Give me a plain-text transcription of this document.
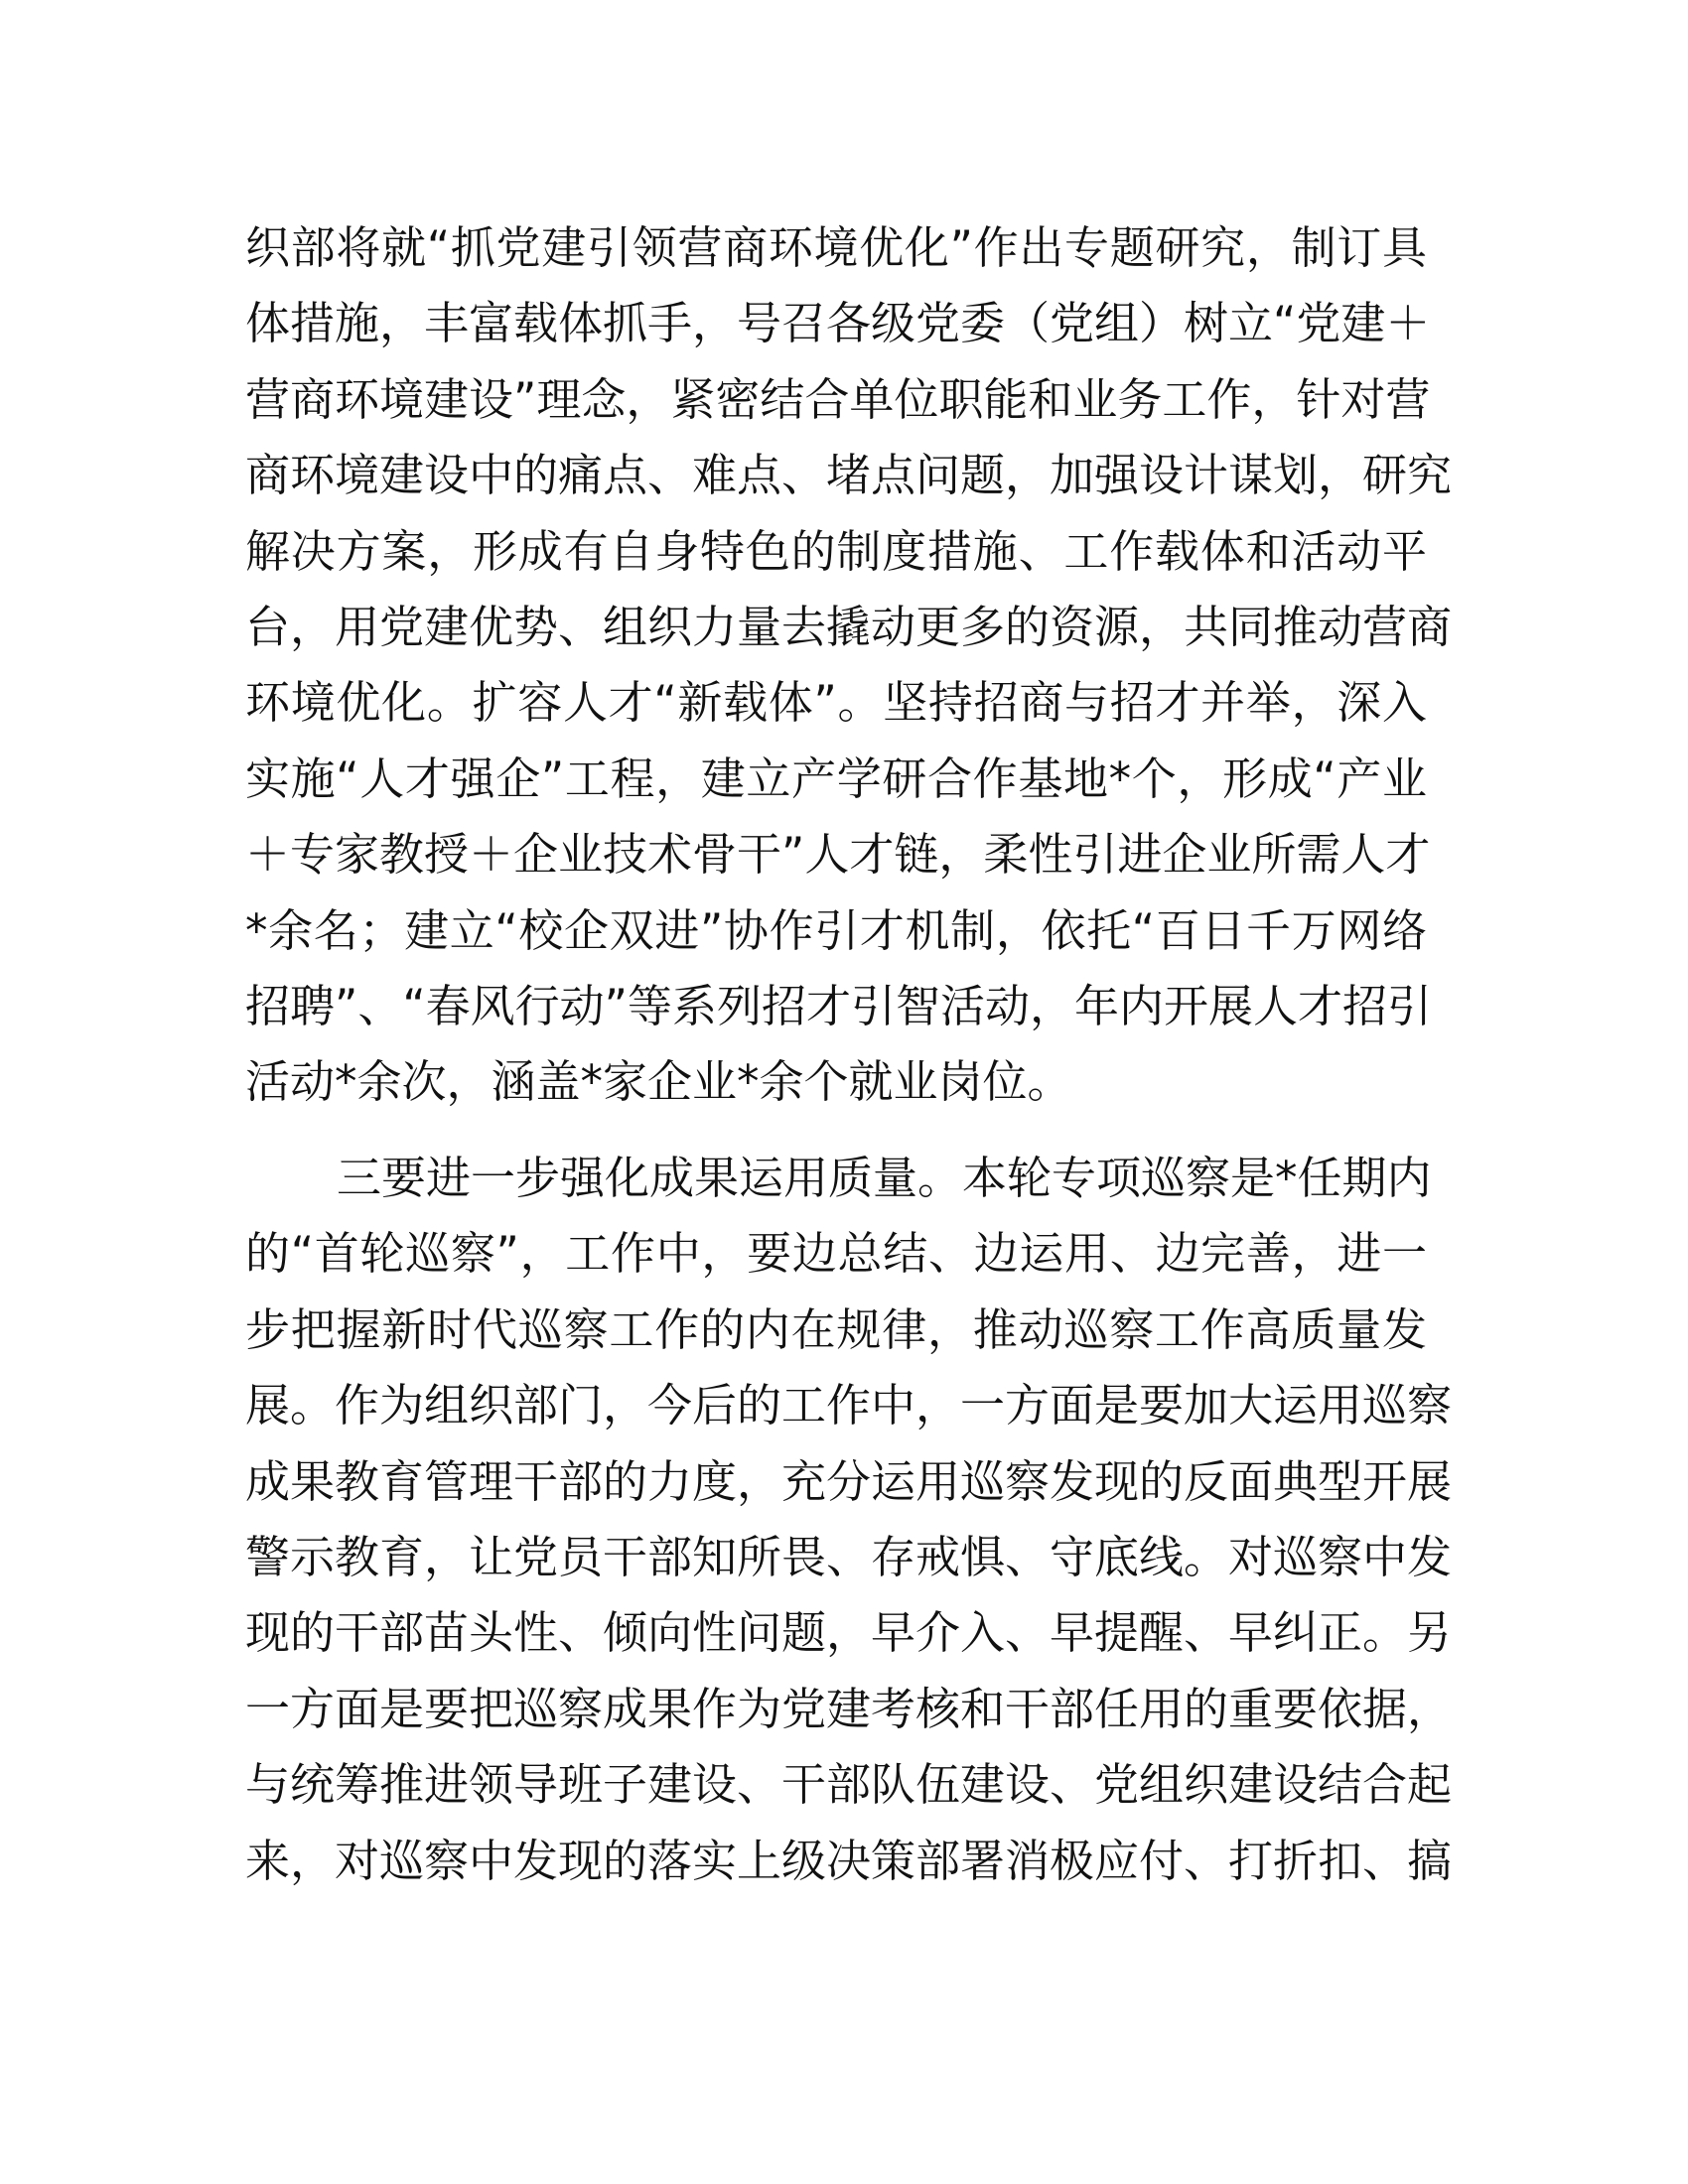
织部将就“抓党建引领营商环境优化”作出专题研究，制订具
体措施，丰富载体抓手，号召各级党委（党组）树立“党建＋
营商环境建设”理念，紧密结合单位职能和业务工作，针对营
商环境建设中的痛点、难点、堵点问题，加强设计谋划，研究
解决方案，形成有自身特色的制度措施、工作载体和活动平
台，用党建优势、组织力量去撬动更多的资源，共同推动营商
环境优化。扩容人才“新载体”。坚持招商与招才并举，深入
实施“人才强企”工程，建立产学研合作基地*个，形成“产业
＋专家教授＋企业技术骨干”人才链，柔性引进企业所需人才
*余名；建立“校企双进”协作引才机制，依托“百日千万网络
招聘”、“春风行动”等系列招才引智活动，年内开展人才招引
活动*余次，涵盖*家企业*余个就业岗位。
三要进一步强化成果运用质量。本轮专项巡察是*任期内
的“首轮巡察”，工作中，要边总结、边运用、边完善，进一
步把握新时代巡察工作的内在规律，推动巡察工作高质量发
展。作为组织部门，今后的工作中，一方面是要加大运用巡察
成果教育管理干部的力度，充分运用巡察发现的反面典型开展
警示教育，让党员干部知所畏、存戒惧、守底线。对巡察中发
现的干部苗头性、倾向性问题，早介入、早提醒、早纠正。另
一方面是要把巡察成果作为党建考核和干部任用的重要依据，
与统筹推进领导班子建设、干部队伍建设、党组织建设结合起
来，对巡察中发现的落实上级决策部署消极应付、打折扣、搞
